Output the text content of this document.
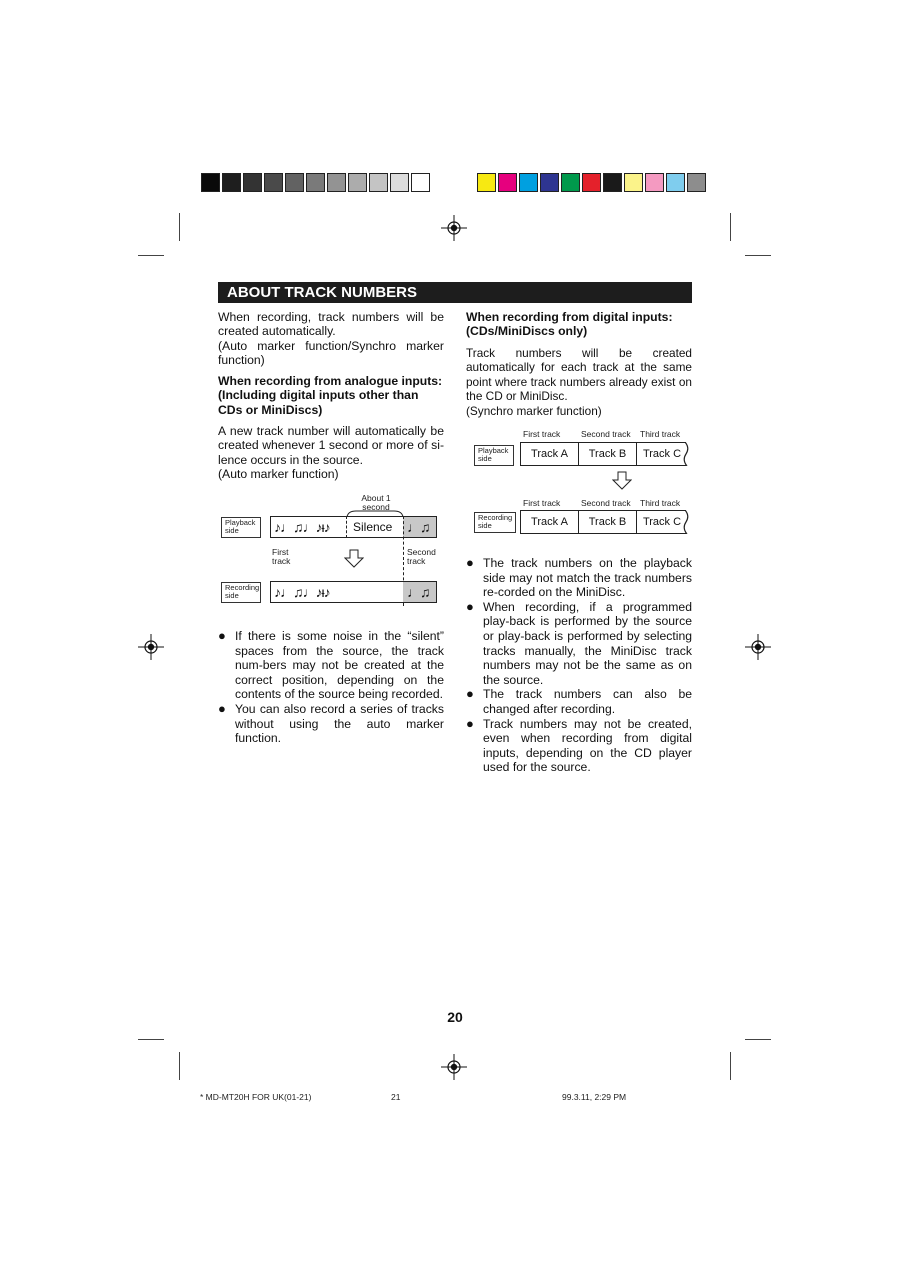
ABOUT TRACK NUMBERS
When recording, track numbers will be created automatically.
(Auto marker function/Synchro marker function)
When recording from analogue inputs:
(Including digital inputs other than
CDs or MiniDiscs)
A new track number will automatically be created whenever 1 second or more of si-lence occurs in the source.
(Auto marker function)
About 1
second
Playback
side	♪♩♫♩♪ᵼ♪ Silence ♩♫
First
track
Second
track
Recording
side	♪♩♫♩♪ᵼ♪	♩♫
● If there is some noise in the “silent” spaces from the source, the track num-bers may not be created at the correct position, depending on the contents of the source being recorded.
● You can also record a series of tracks without using the auto marker function.
When recording from digital inputs:
(CDs/MiniDiscs only)
Track numbers will be created automatically for each track at the same point where track numbers already exist on the CD or MiniDisc.
(Synchro marker function)
First track Second track Third track
Playback
side	Track A	Track B	Track C
First track Second track Third track
Recording
side	Track A	Track B	Track C
● The track numbers on the playback side may not match the track numbers re-corded on the MiniDisc.
● When recording, if a programmed play-back is performed by the source or play-back is performed by selecting tracks manually, the MiniDisc track numbers may not be the same as on the source.
● The track numbers can also be changed after recording.
● Track numbers may not be created, even when recording from digital inputs, depending on the CD player used for the source.
20
* MD-MT20H FOR UK(01-21)	21	99.3.11, 2:29 PM
